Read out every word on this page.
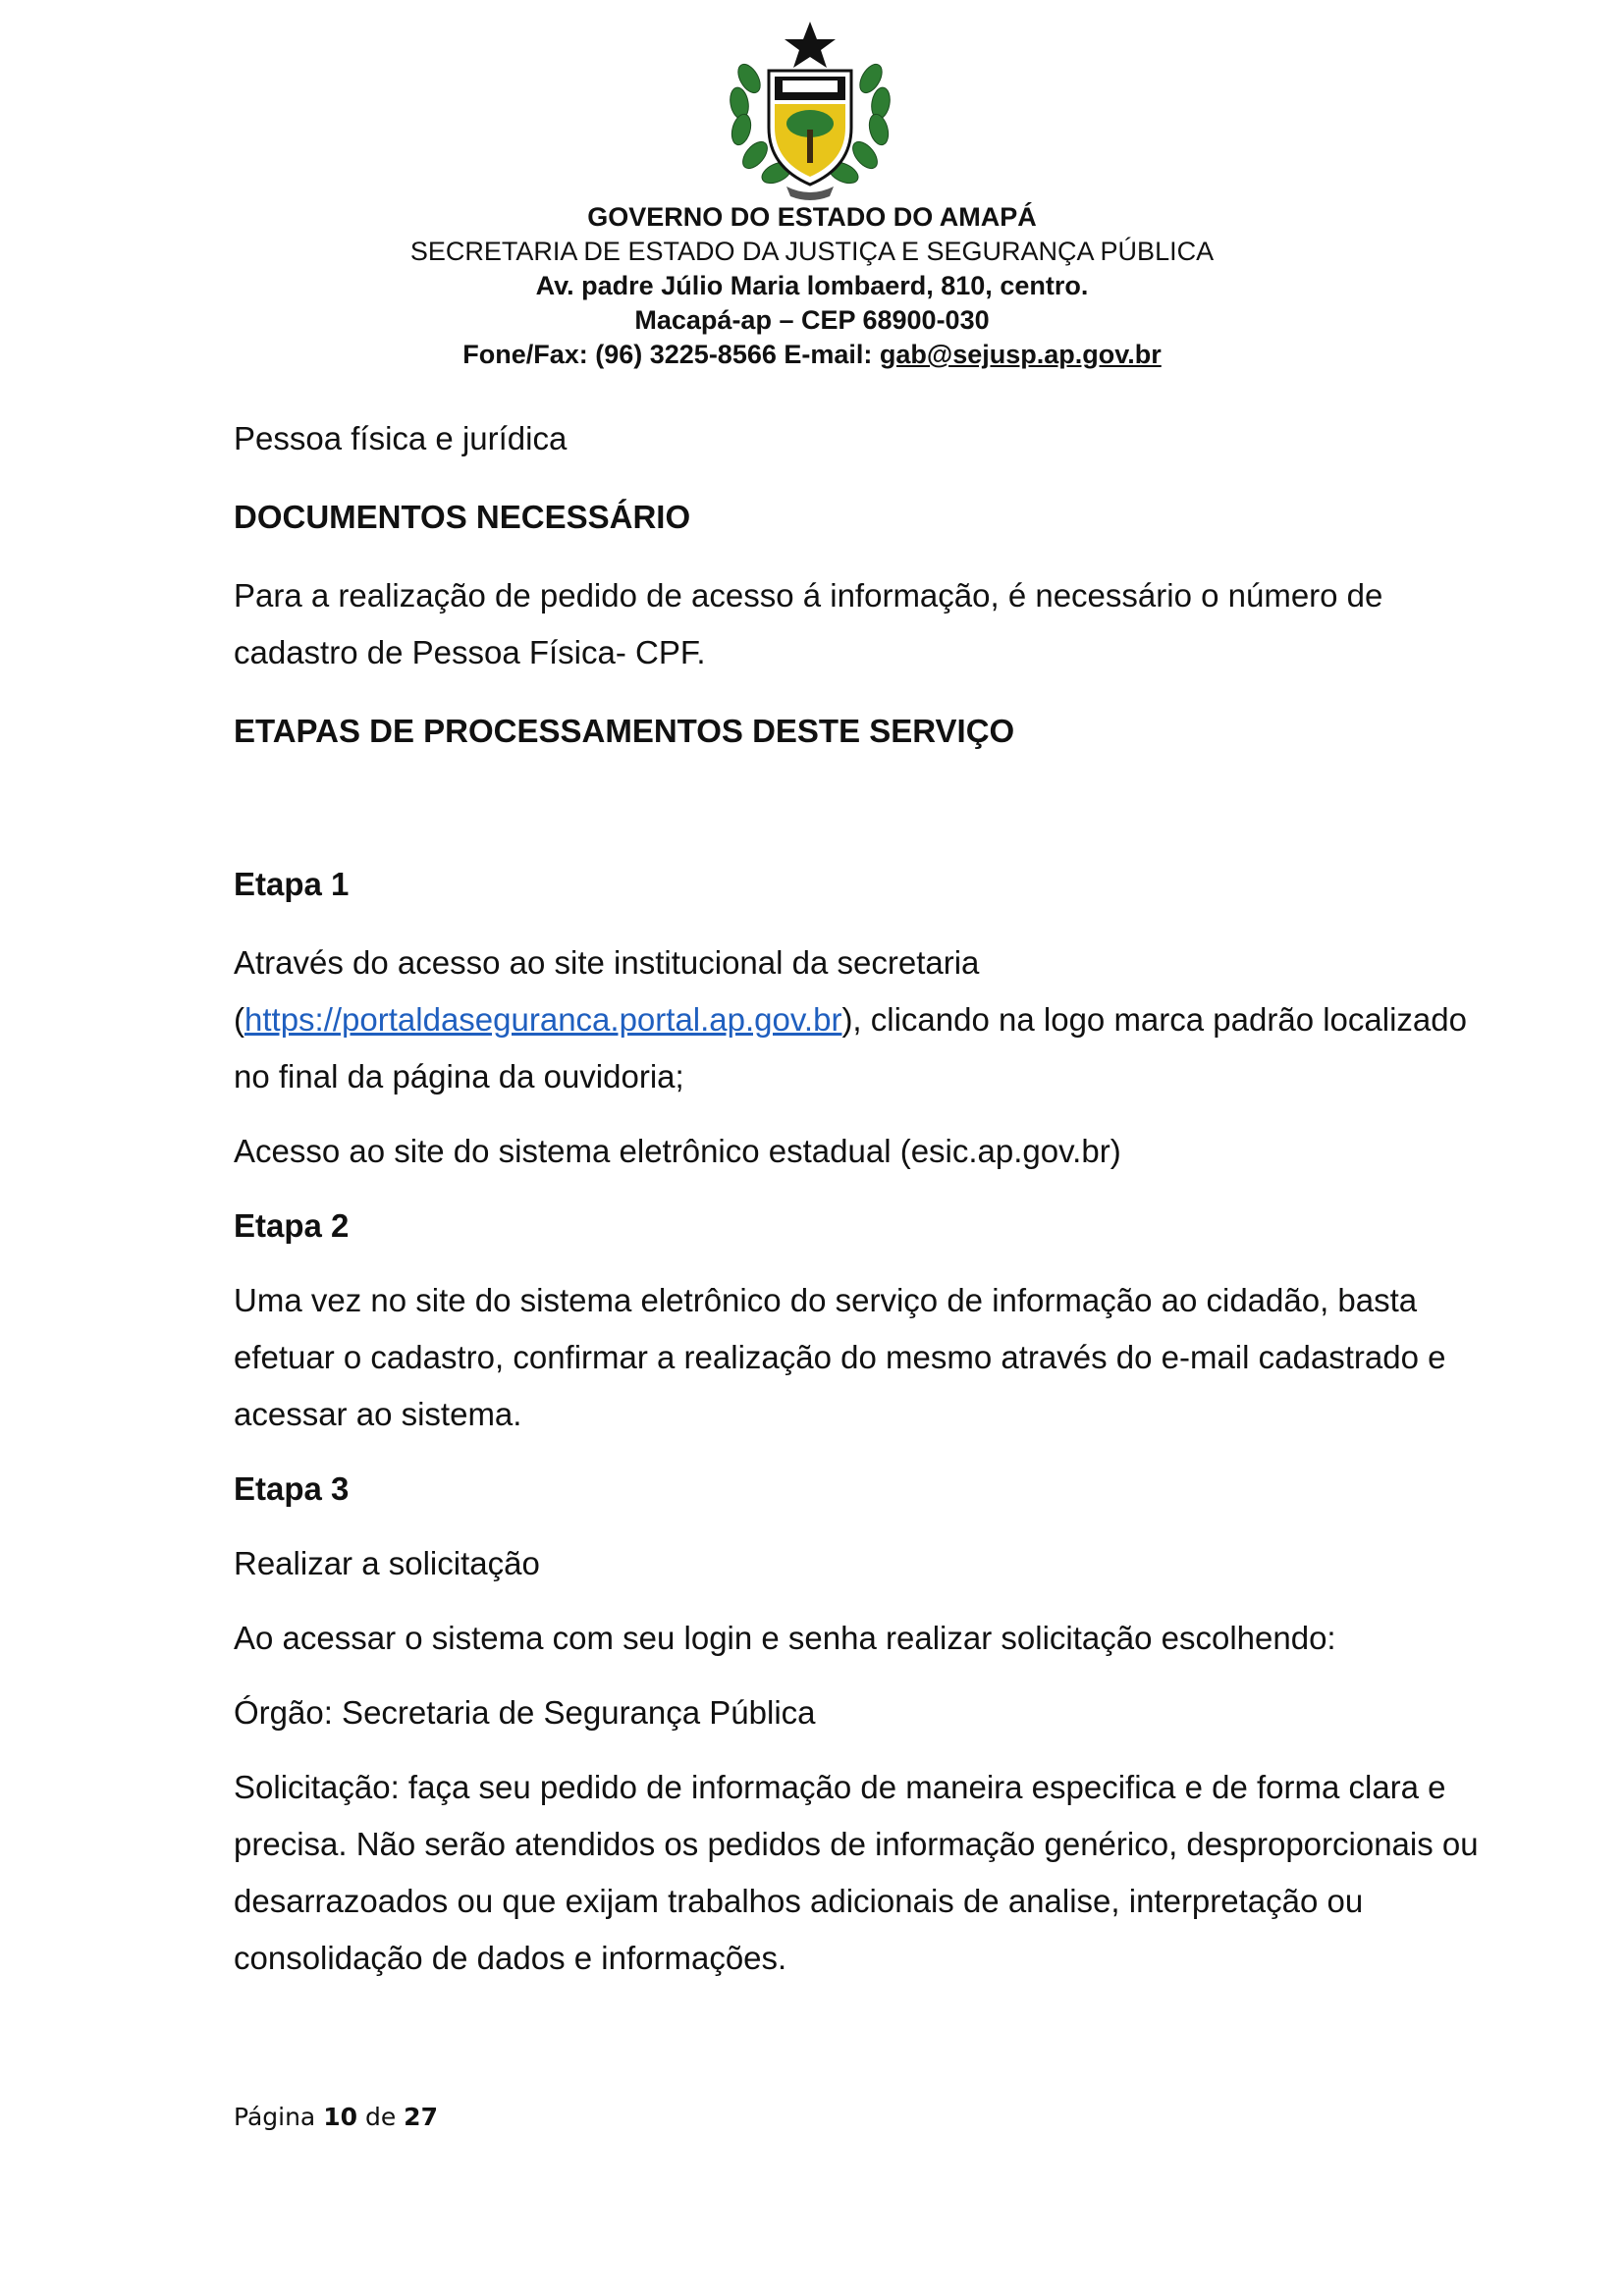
GOVERNO DO ESTADO DO AMAPÁ
SECRETARIA DE ESTADO DA JUSTIÇA E SEGURANÇA PÚBLICA
Av. padre Júlio Maria lombaerd, 810, centro.
Macapá-ap – CEP 68900-030
Fone/Fax: (96) 3225-8566 E-mail: gab@sejusp.ap.gov.br

Pessoa física e jurídica

DOCUMENTOS NECESSÁRIO

Para a realização de pedido de acesso á informação, é necessário o número de cadastro de Pessoa Física- CPF.

ETAPAS DE PROCESSAMENTOS DESTE SERVIÇO

Etapa 1

Através do acesso ao site institucional da secretaria
(https://portaldaseguranca.portal.ap.gov.br), clicando na logo marca padrão localizado no final da página da ouvidoria;

Acesso ao site do sistema eletrônico estadual (esic.ap.gov.br)

Etapa 2

Uma vez no site do sistema eletrônico do serviço de informação ao cidadão, basta efetuar o cadastro, confirmar a realização do mesmo através do e-mail cadastrado e acessar ao sistema.

Etapa 3

Realizar a solicitação

Ao acessar o sistema com seu login e senha realizar solicitação escolhendo:

Órgão: Secretaria de Segurança Pública

Solicitação: faça seu pedido de informação de maneira especifica e de forma clara e precisa. Não serão atendidos os pedidos de informação genérico, desproporcionais ou desarrazoados ou que exijam trabalhos adicionais de analise, interpretação ou consolidação de dados e informações.

Página 10 de 27
